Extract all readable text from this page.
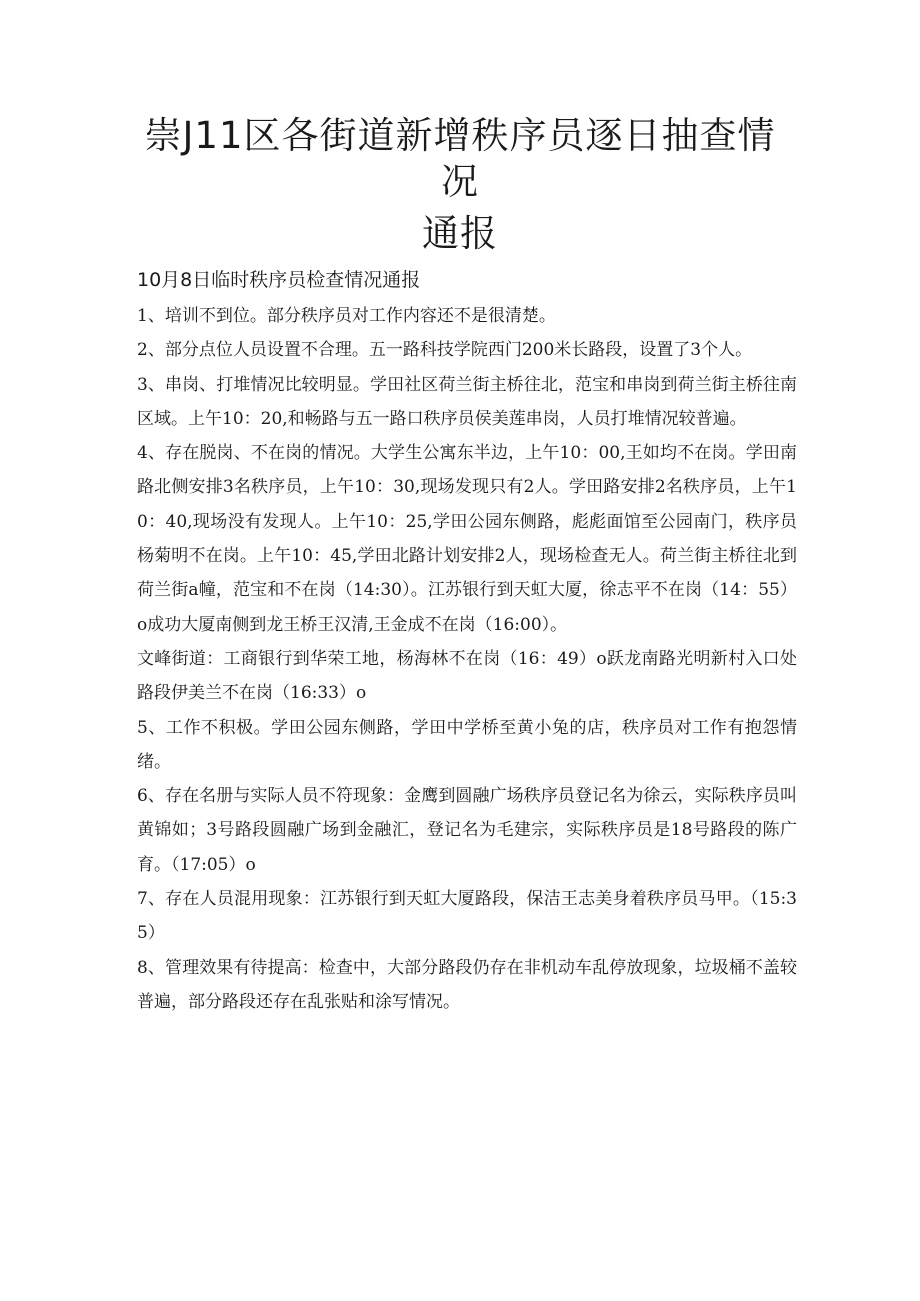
崇J11区各街道新增秩序员逐日抽查情
况
通报

10月8日临时秩序员检查情况通报

1、培训不到位。部分秩序员对工作内容还不是很清楚。

2、部分点位人员设置不合理。五一路科技学院西门200米长路段，设置了3个人。

3、串岗、打堆情况比较明显。学田社区荷兰街主桥往北，范宝和串岗到荷兰街主桥往南区域。上午10：20,和畅路与五一路口秩序员侯美莲串岗，人员打堆情况较普遍。

4、存在脱岗、不在岗的情况。大学生公寓东半边，上午10：00,王如均不在岗。学田南路北侧安排3名秩序员，上午10：30,现场发现只有2人。学田路安排2名秩序员，上午10：40,现场没有发现人。上午10：25,学田公园东侧路，彪彪面馆至公园南门，秩序员杨菊明不在岗。上午10：45,学田北路计划安排2人，现场检查无人。荷兰街主桥往北到荷兰街a幢，范宝和不在岗（14:30）。江苏银行到天虹大厦，徐志平不在岗（14：55）o成功大厦南侧到龙王桥王汉清,王金成不在岗（16:00）。

文峰街道：工商银行到华荣工地，杨海林不在岗（16：49）o跃龙南路光明新村入口处路段伊美兰不在岗（16:33）o

5、工作不积极。学田公园东侧路，学田中学桥至黄小兔的店，秩序员对工作有抱怨情绪。

6、存在名册与实际人员不符现象：金鹰到圆融广场秩序员登记名为徐云，实际秩序员叫黄锦如；3号路段圆融广场到金融汇，登记名为毛建宗，实际秩序员是18号路段的陈广育。（17:05）o

7、存在人员混用现象：江苏银行到天虹大厦路段，保洁王志美身着秩序员马甲。（15:35）

8、管理效果有待提高：检查中，大部分路段仍存在非机动车乱停放现象，垃圾桶不盖较普遍，部分路段还存在乱张贴和涂写情况。
